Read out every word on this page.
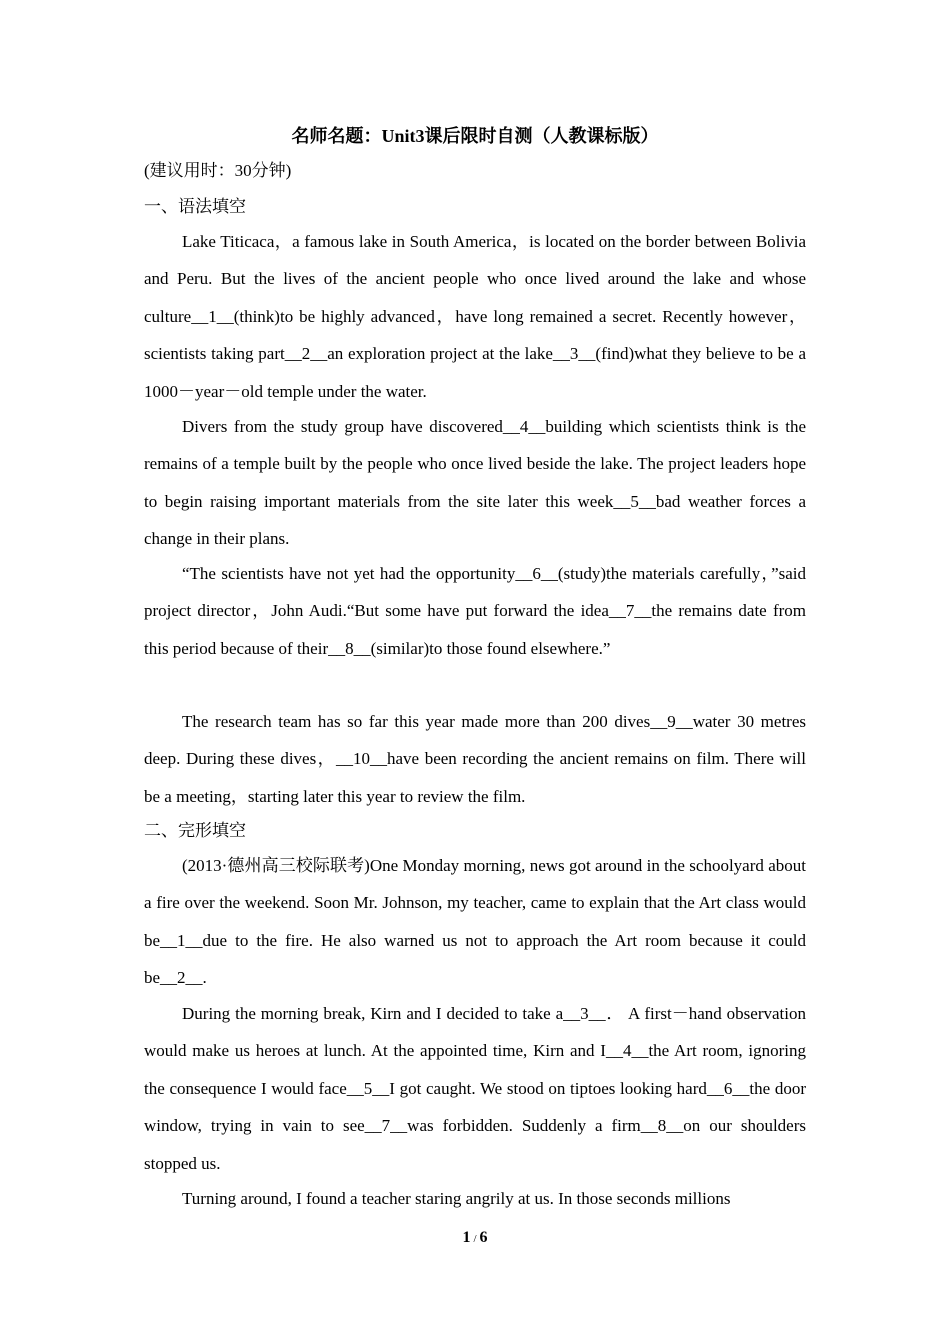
名师名题：Unit3课后限时自测（人教课标版）
(建议用时：30分钟)
一、语法填空

Lake Titicaca，a famous lake in South America，is located on the border between Bolivia and Peru. But the lives of the ancient people who once lived around the lake and whose culture__1__(think)to be highly advanced，have long remained a secret. Recently however， scientists taking part__2__an exploration project at the lake__3__(find)what they believe to be a 1000－year－old temple under the water.

Divers from the study group have discovered__4__building which scientists think is the remains of a temple built by the people who once lived beside the lake. The project leaders hope to begin raising important materials from the site later this week__5__bad weather forces a change in their plans.

“The scientists have not yet had the opportunity__6__(study)the materials carefully，”said project director，John Audi.“But some have put forward the idea__7__the remains date from this period because of their__8__(similar)to those found elsewhere.”

The research team has so far this year made more than 200 dives__9__water 30 metres deep. During these dives，__10__have been recording the ancient remains on film. There will be a meeting，starting later this year to review the film.

二、完形填空

(2013·德州高三校际联考)One Monday morning, news got around in the schoolyard about a fire over the weekend. Soon Mr. Johnson, my teacher, came to explain that the Art class would be__1__due to the fire. He also warned us not to approach the Art room because it could be__2__.

During the morning break, Kirn and I decided to take a__3__． A first－hand observation would make us heroes at lunch. At the appointed time, Kirn and I__4__the Art room, ignoring the consequence I would face__5__I got caught. We stood on tiptoes looking hard__6__the door window, trying in vain to see__7__was forbidden. Suddenly a firm__8__on our shoulders stopped us.

Turning around, I found a teacher staring angrily at us. In those seconds millions

1 / 6
